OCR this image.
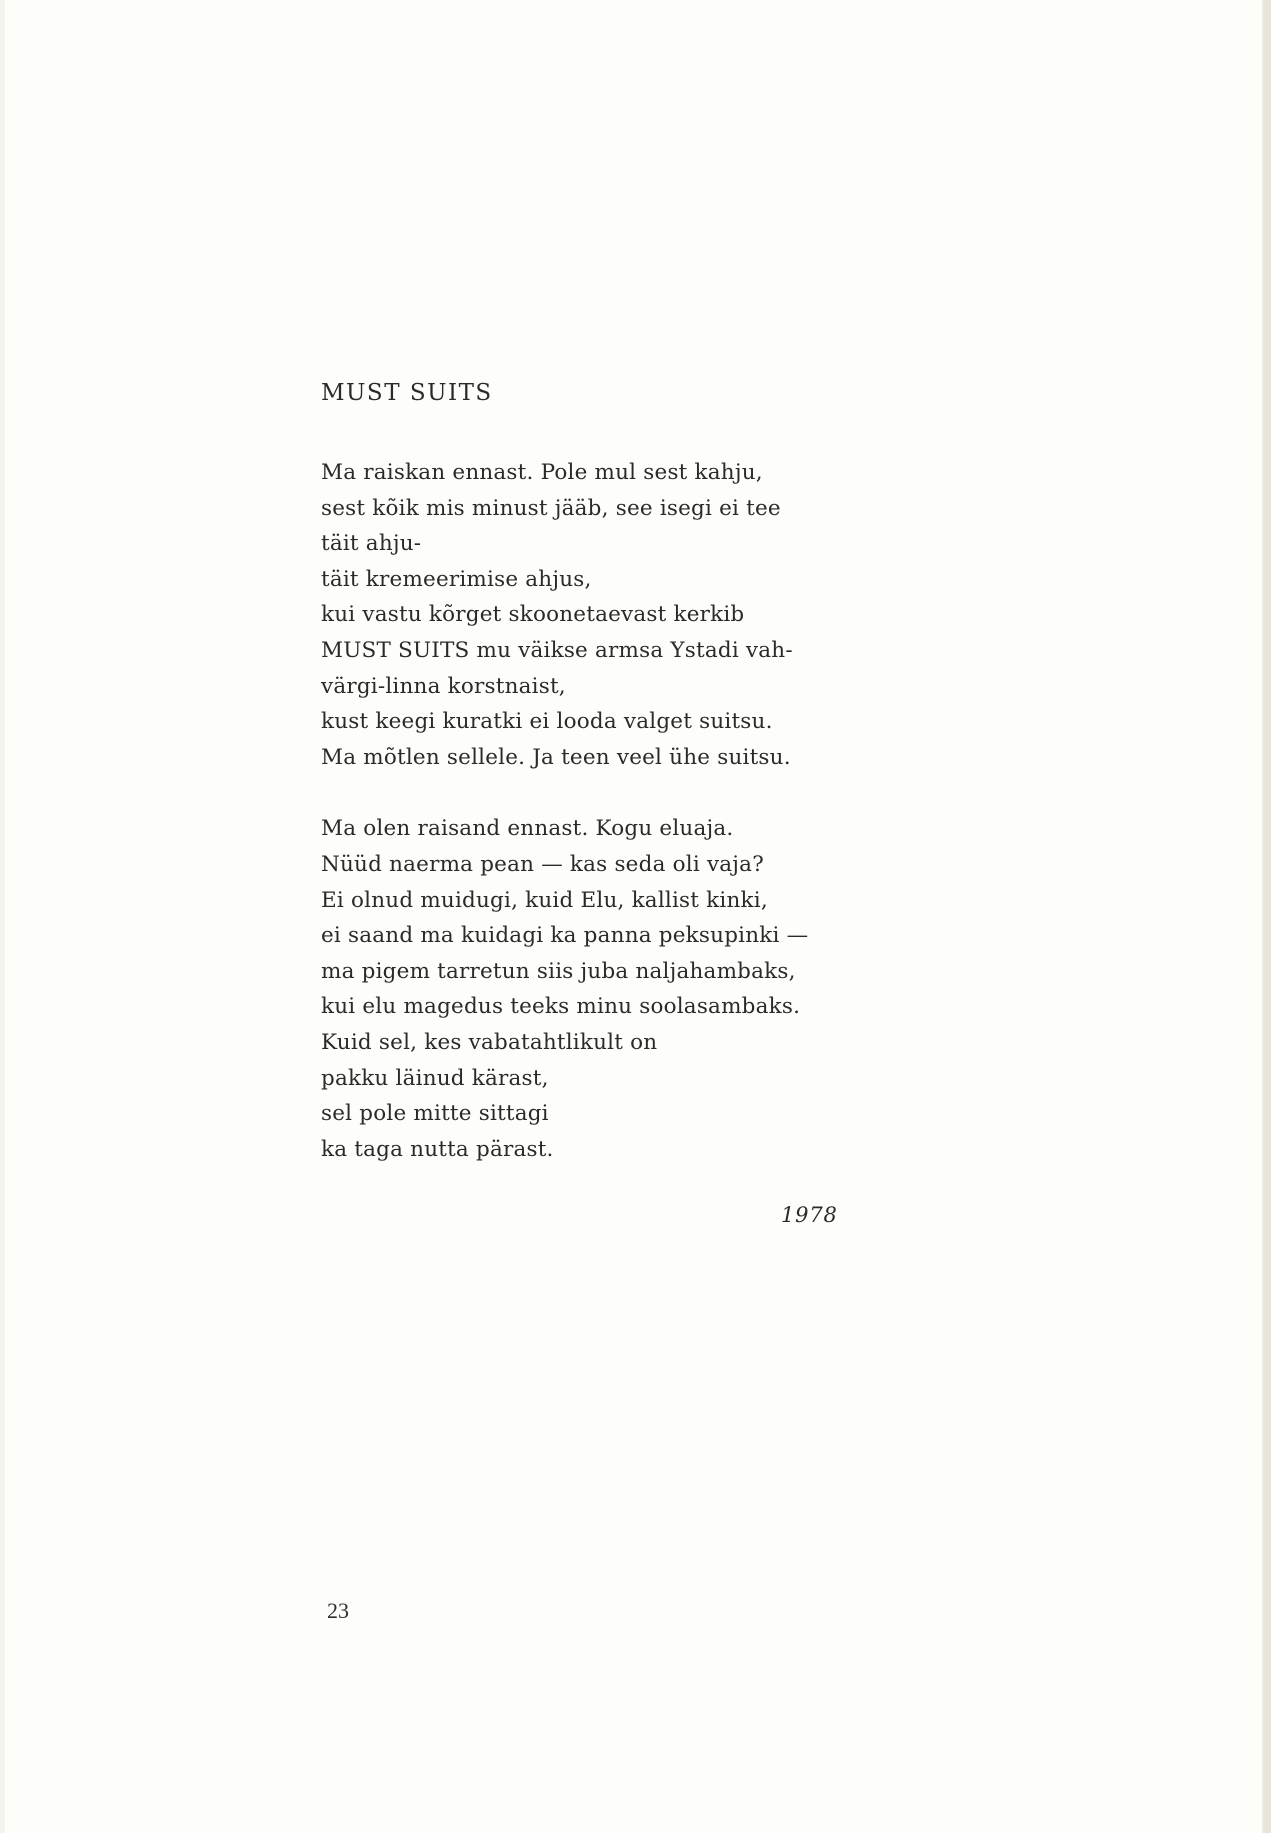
MUST SUITS
Ma raiskan ennast. Pole mul sest kahju,
sest kõik mis minust jääb, see isegi ei tee
täit ahju-
täit kremeerimise ahjus,
kui vastu kõrget skoonetaevast kerkib
MUST SUITS mu väikse armsa Ystadi vah-
värgi-linna korstnaist,
kust keegi kuratki ei looda valget suitsu.
Ma mõtlen sellele. Ja teen veel ühe suitsu.
Ma olen raisand ennast. Kogu eluaja.
Nüüd naerma pean — kas seda oli vaja?
Ei olnud muidugi, kuid Elu, kallist kinki,
ei saand ma kuidagi ka panna peksupinki —
ma pigem tarretun siis juba naljahambaks,
kui elu magedus teeks minu soolasambaks.
Kuid sel, kes vabatahtlikult on
pakku läinud kärast,
sel pole mitte sittagi
ka taga nutta pärast.
1978
23
